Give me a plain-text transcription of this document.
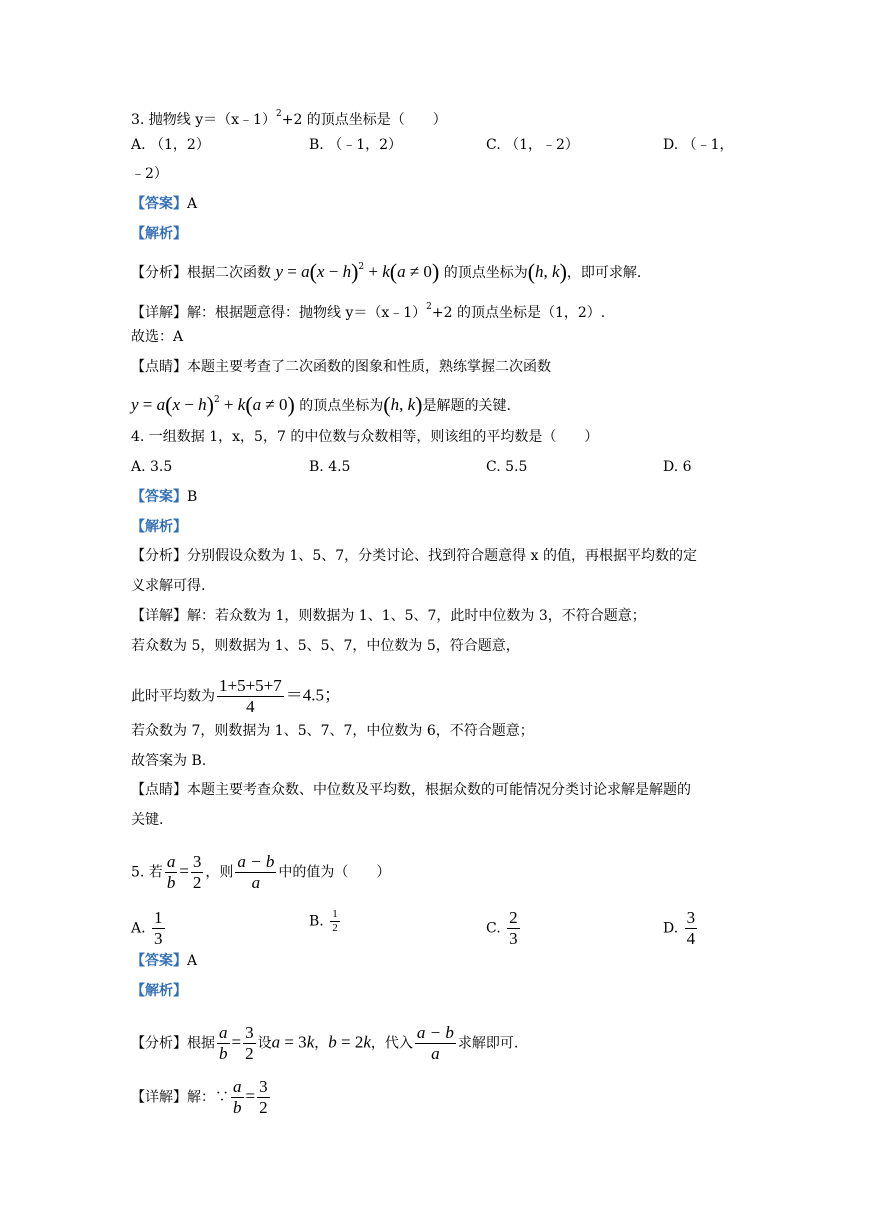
3. 抛物线 y＝（x﹣1）$^2$+2 的顶点坐标是（　　）
A. （1，2）	B. （﹣1，2）	C. （1，﹣2）	D. （﹣1，
﹣2）
【答案】A
【解析】
【分析】根据二次函数 $y = a(x - h)^2 + k(a \ne 0)$ 的顶点坐标为(h, k)，即可求解.
【详解】解：根据题意得：抛物线 y＝（x﹣1）$^2$+2 的顶点坐标是（1，2）.
故选：A
【点睛】本题主要考查了二次函数的图象和性质，熟练掌握二次函数
$y = a(x - h)^2 + k(a \ne 0)$ 的顶点坐标为(h, k)是解题的关键.
4. 一组数据 1，x，5，7 的中位数与众数相等，则该组的平均数是（　　）
A. 3.5	B. 4.5	C. 5.5	D. 6
【答案】B
【解析】
【分析】分别假设众数为 1、5、7，分类讨论、找到符合题意得 x 的值，再根据平均数的定
义求解可得.
【详解】解：若众数为 1，则数据为 1、1、5、7，此时中位数为 3，不符合题意；
若众数为 5，则数据为 1、5、5、7，中位数为 5，符合题意，
此时平均数为 $\frac{1+5+5+7}{4} =4.5$；
若众数为 7，则数据为 1、5、7、7，中位数为 6，不符合题意；
故答案为 B.
【点睛】本题主要考查众数、中位数及平均数，根据众数的可能情况分类讨论求解是解题的
关键.
5. 若 $\frac{a}{b} = \frac{3}{2}$ ，则 $\frac{a - b}{a}$ 中的值为（　　）
A. $\frac{1}{3}$	B. $\frac{1}{2}$	C. $\frac{2}{3}$	D. $\frac{3}{4}$
【答案】A
【解析】
【分析】根据 $\frac{a}{b} = \frac{3}{2}$ 设a = 3k，b = 2k，代入 $\frac{a - b}{a}$ 求解即可.
【详解】解：∵ $\frac{a}{b} = \frac{3}{2}$
